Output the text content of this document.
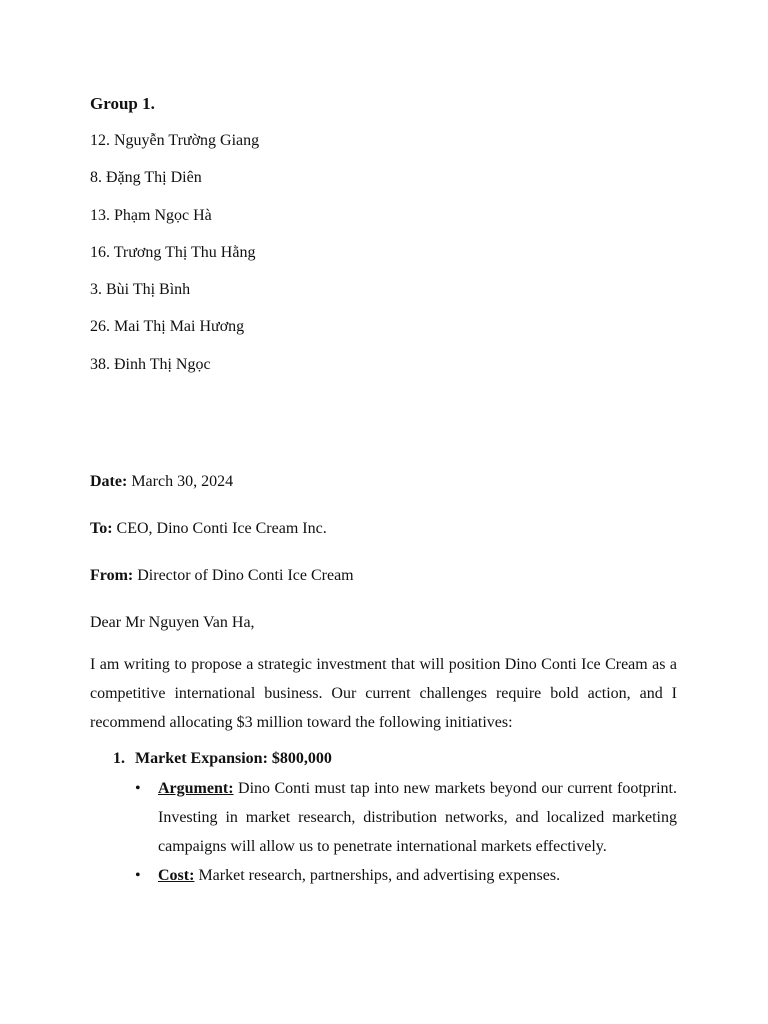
Group 1.
12. Nguyễn Trường Giang
8. Đặng Thị Diên
13. Phạm Ngọc Hà
16. Trương Thị Thu Hằng
3. Bùi Thị Bình
26. Mai Thị Mai Hương
38. Đinh Thị Ngọc

Date: March 30, 2024

To: CEO, Dino Conti Ice Cream Inc.

From: Director of Dino Conti Ice Cream

Dear Mr Nguyen Van Ha,

I am writing to propose a strategic investment that will position Dino Conti Ice Cream as a competitive international business. Our current challenges require bold action, and I recommend allocating $3 million toward the following initiatives:

1. Market Expansion: $800,000
• Argument: Dino Conti must tap into new markets beyond our current footprint. Investing in market research, distribution networks, and localized marketing campaigns will allow us to penetrate international markets effectively.
• Cost: Market research, partnerships, and advertising expenses.
